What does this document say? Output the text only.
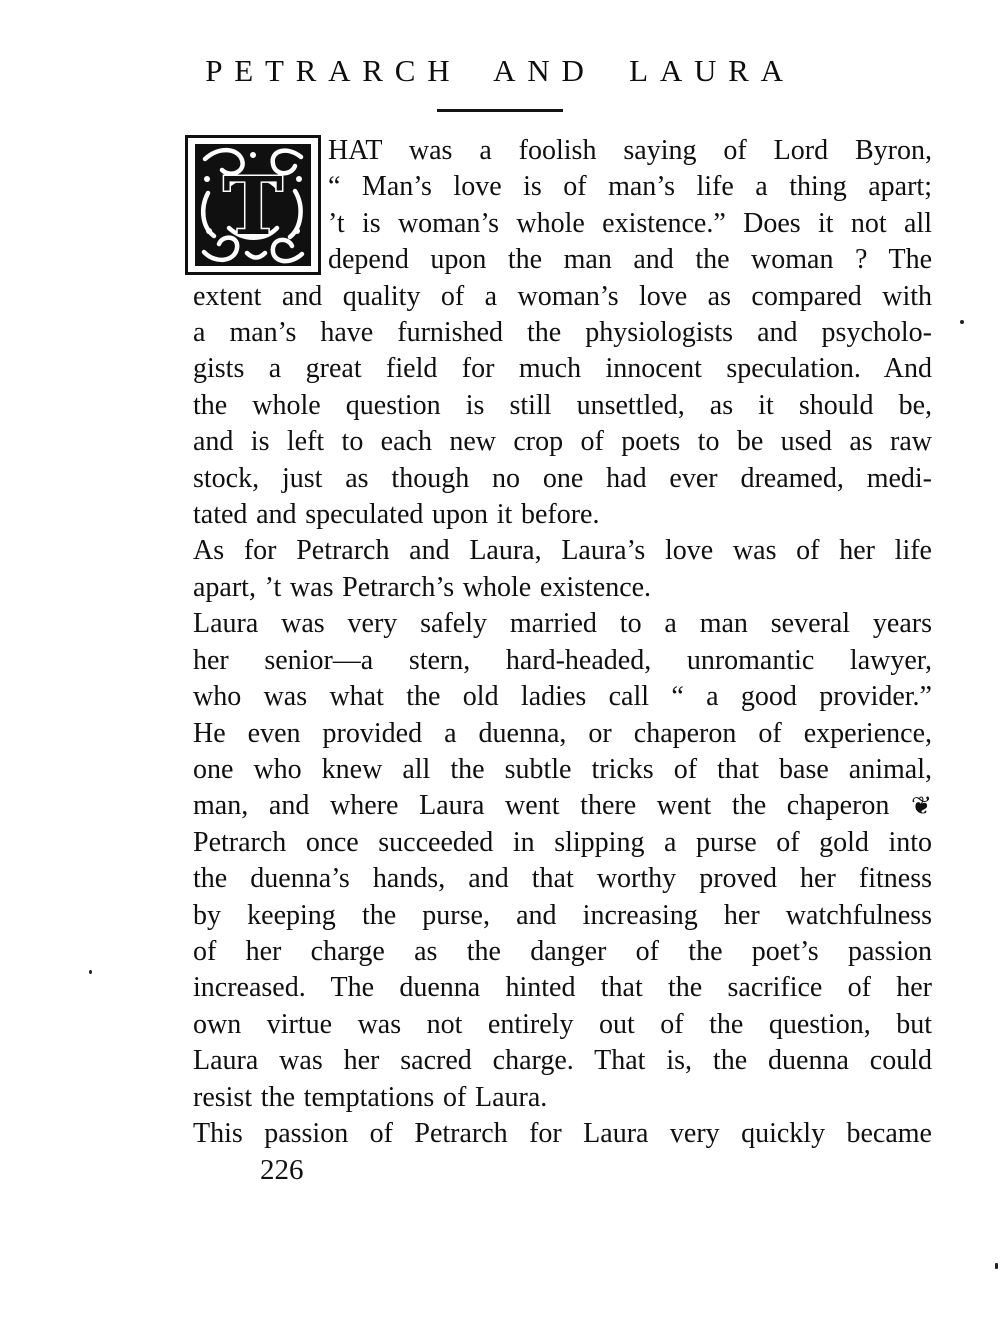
PETRARCH AND LAURA
T
HAT was a foolish saying of Lord Byron,
“ Man’s love is of man’s life a thing apart;
’t is woman’s whole existence.” Does it not all
depend upon the man and the woman ? The
extent and quality of a woman’s love as compared with
a man’s have furnished the physiologists and psycholo-
gists a great field for much innocent speculation. And
the whole question is still unsettled, as it should be,
and is left to each new crop of poets to be used as raw
stock, just as though no one had ever dreamed, medi-
tated and speculated upon it before.
As for Petrarch and Laura, Laura’s love was of her life
apart, ’t was Petrarch’s whole existence.
Laura was very safely married to a man several years
her senior—a stern, hard-headed, unromantic lawyer,
who was what the old ladies call “ a good provider.”
He even provided a duenna, or chaperon of experience,
one who knew all the subtle tricks of that base animal,
man, and where Laura went there went the chaperon ❦
Petrarch once succeeded in slipping a purse of gold into
the duenna’s hands, and that worthy proved her fitness
by keeping the purse, and increasing her watchfulness
of her charge as the danger of the poet’s passion
increased. The duenna hinted that the sacrifice of her
own virtue was not entirely out of the question, but
Laura was her sacred charge. That is, the duenna could
resist the temptations of Laura.
This passion of Petrarch for Laura very quickly became
226
